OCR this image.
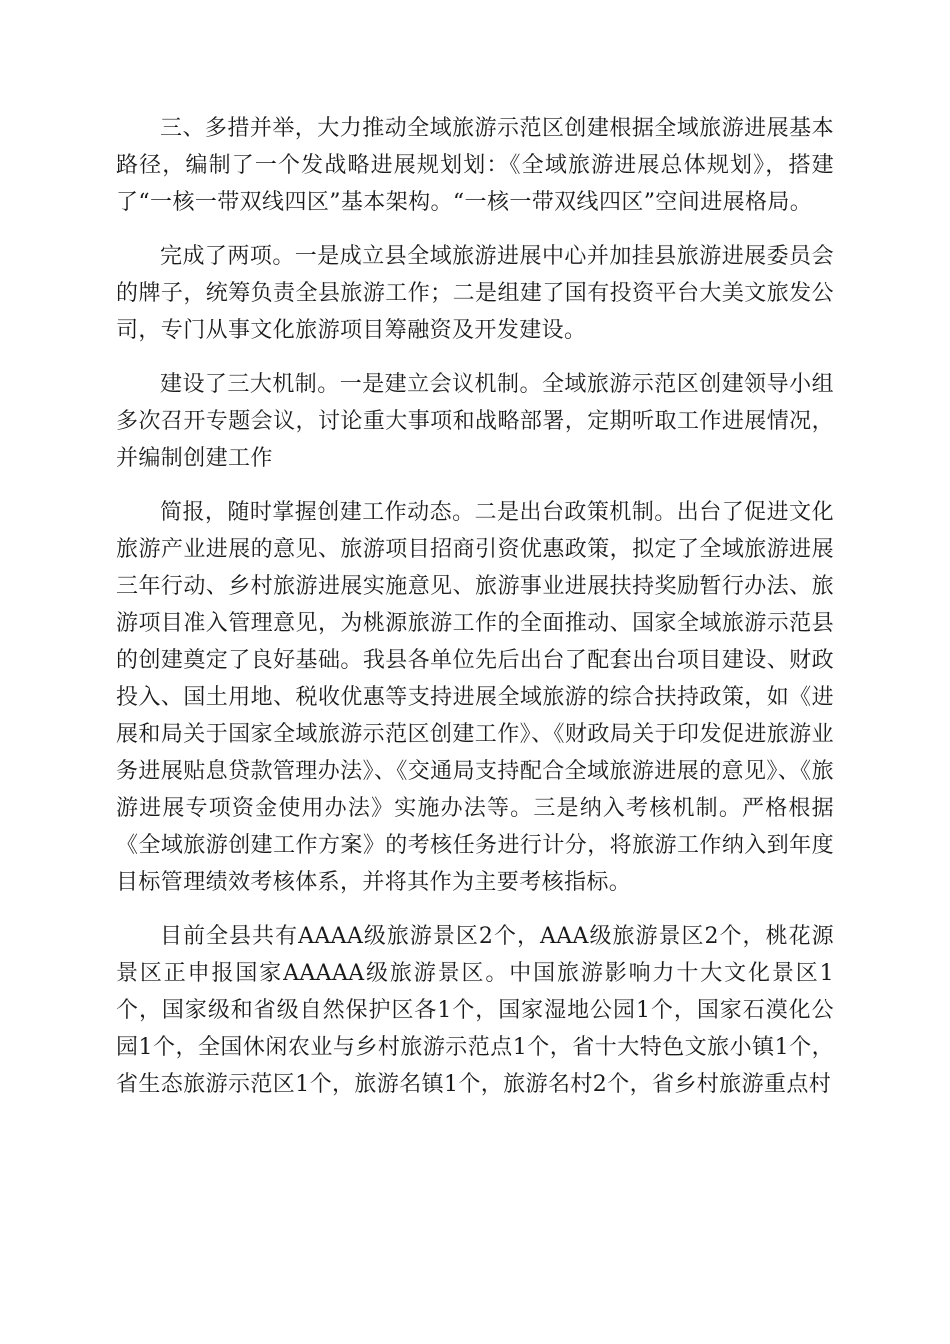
三、多措并举，大力推动全域旅游示范区创建根据全域旅游进展基本路径，编制了一个发战略进展规划划：《全域旅游进展总体规划》，搭建了“一核一带双线四区”基本架构。“一核一带双线四区”空间进展格局。

完成了两项。一是成立县全域旅游进展中心并加挂县旅游进展委员会的牌子，统筹负责全县旅游工作；二是组建了国有投资平台大美文旅发公司，专门从事文化旅游项目筹融资及开发建设。

建设了三大机制。一是建立会议机制。全域旅游示范区创建领导小组多次召开专题会议，讨论重大事项和战略部署，定期听取工作进展情况，并编制创建工作

简报，随时掌握创建工作动态。二是出台政策机制。出台了促进文化旅游产业进展的意见、旅游项目招商引资优惠政策，拟定了全域旅游进展三年行动、乡村旅游进展实施意见、旅游事业进展扶持奖励暂行办法、旅游项目准入管理意见，为桃源旅游工作的全面推动、国家全域旅游示范县的创建奠定了良好基础。我县各单位先后出台了配套出台项目建设、财政投入、国土用地、税收优惠等支持进展全域旅游的综合扶持政策，如《进展和局关于国家全域旅游示范区创建工作》、《财政局关于印发促进旅游业务进展贴息贷款管理办法》、《交通局支持配合全域旅游进展的意见》、《旅游进展专项资金使用办法》实施办法等。三是纳入考核机制。严格根据《全域旅游创建工作方案》的考核任务进行计分，将旅游工作纳入到年度目标管理绩效考核体系，并将其作为主要考核指标。

目前全县共有AAAA级旅游景区2个，AAA级旅游景区2个，桃花源景区正申报国家AAAAA级旅游景区。中国旅游影响力十大文化景区1个，国家级和省级自然保护区各1个，国家湿地公园1个，国家石漠化公园1个，全国休闲农业与乡村旅游示范点1个，省十大特色文旅小镇1个，省生态旅游示范区1个，旅游名镇1个，旅游名村2个，省乡村旅游重点村
